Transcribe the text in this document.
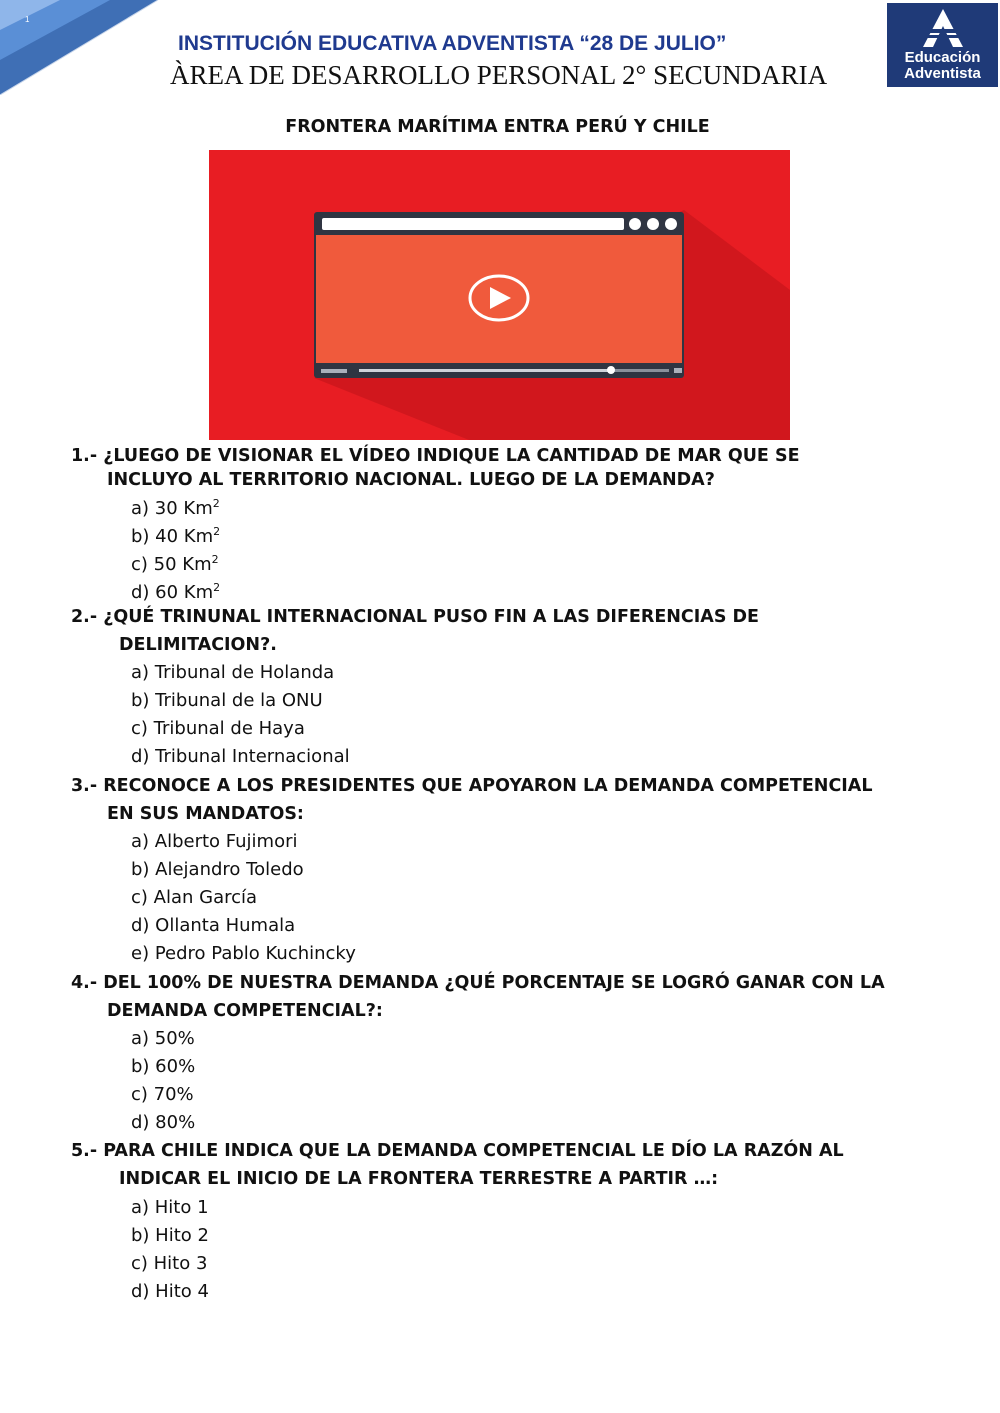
1
INSTITUCIÓN EDUCATIVA ADVENTISTA “28 DE JULIO”
ÀREA DE DESARROLLO PERSONAL 2° SECUNDARIA
Educación
Adventista
FRONTERA MARÍTIMA ENTRA PERÚ Y CHILE
1.- ¿LUEGO DE VISIONAR EL VÍDEO INDIQUE LA CANTIDAD DE MAR QUE SE
INCLUYO AL TERRITORIO NACIONAL. LUEGO DE LA DEMANDA?
a) 30 Km$^2$
b) 40 Km$^2$
c) 50 Km$^2$
d) 60 Km$^2$
2.- ¿QUÉ TRINUNAL INTERNACIONAL PUSO FIN A LAS DIFERENCIAS DE
DELIMITACION?.
a) Tribunal de Holanda
b) Tribunal de la ONU
c) Tribunal de Haya
d) Tribunal Internacional
3.- RECONOCE A LOS PRESIDENTES QUE APOYARON LA DEMANDA COMPETENCIAL
EN SUS MANDATOS:
a) Alberto Fujimori
b) Alejandro Toledo
c) Alan García
d) Ollanta Humala
e) Pedro Pablo Kuchincky
4.- DEL 100% DE NUESTRA DEMANDA ¿QUÉ PORCENTAJE SE LOGRÓ GANAR CON LA
DEMANDA COMPETENCIAL?:
a) 50%
b) 60%
c) 70%
d) 80%
5.- PARA CHILE INDICA QUE LA DEMANDA COMPETENCIAL LE DÍO LA RAZÓN AL
INDICAR EL INICIO DE LA FRONTERA TERRESTRE A PARTIR …:
a) Hito 1
b) Hito 2
c) Hito 3
d) Hito 4
